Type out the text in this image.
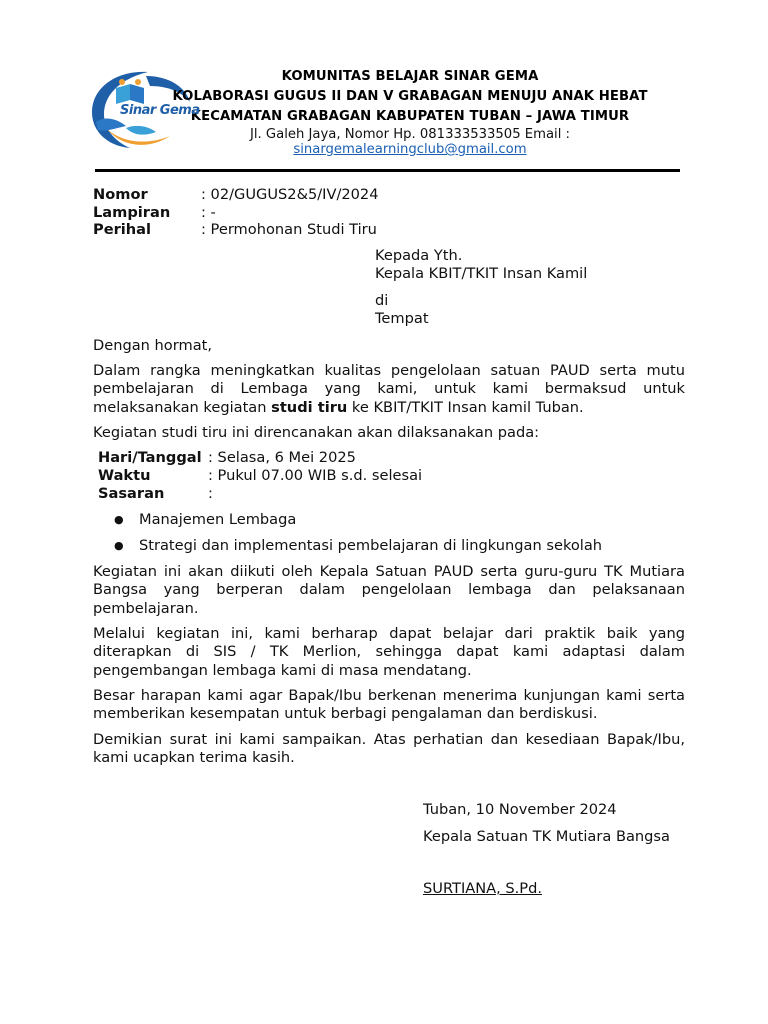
KOMUNITAS BELAJAR SINAR GEMA
KOLABORASI GUGUS II DAN V GRABAGAN MENUJU ANAK HEBAT
KECAMATAN GRABAGAN KABUPATEN TUBAN – JAWA TIMUR
Jl. Galeh Jaya, Nomor Hp. 081333533505 Email :
sinargemalearningclub@gmail.com
Sinar Gema
Nomor	: 02/GUGUS2&5/IV/2024
Lampiran : -
Perihal	: Permohonan Studi Tiru
Kepada Yth.
Kepala KBIT/TKIT Insan Kamil
di
Tempat
Dengan hormat,
Dalam rangka meningkatkan kualitas pengelolaan satuan PAUD serta mutu pembelajaran di Lembaga yang kami, untuk kami bermaksud untuk melaksanakan kegiatan studi tiru ke KBIT/TKIT Insan kamil Tuban.
Kegiatan studi tiru ini direncanakan akan dilaksanakan pada:
Hari/Tanggal : Selasa, 6 Mei 2025
Waktu	: Pukul 07.00 WIB s.d. selesai
Sasaran	:
● Manajemen Lembaga
● Strategi dan implementasi pembelajaran di lingkungan sekolah
Kegiatan ini akan diikuti oleh Kepala Satuan PAUD serta guru-guru TK Mutiara Bangsa yang berperan dalam pengelolaan lembaga dan pelaksanaan pembelajaran.
Melalui kegiatan ini, kami berharap dapat belajar dari praktik baik yang diterapkan di SIS / TK Merlion, sehingga dapat kami adaptasi dalam pengembangan lembaga kami di masa mendatang.
Besar harapan kami agar Bapak/Ibu berkenan menerima kunjungan kami serta memberikan kesempatan untuk berbagi pengalaman dan berdiskusi.
Demikian surat ini kami sampaikan. Atas perhatian dan kesediaan Bapak/Ibu, kami ucapkan terima kasih.
Tuban, 10 November 2024
Kepala Satuan TK Mutiara Bangsa
SURTIANA, S.Pd.
